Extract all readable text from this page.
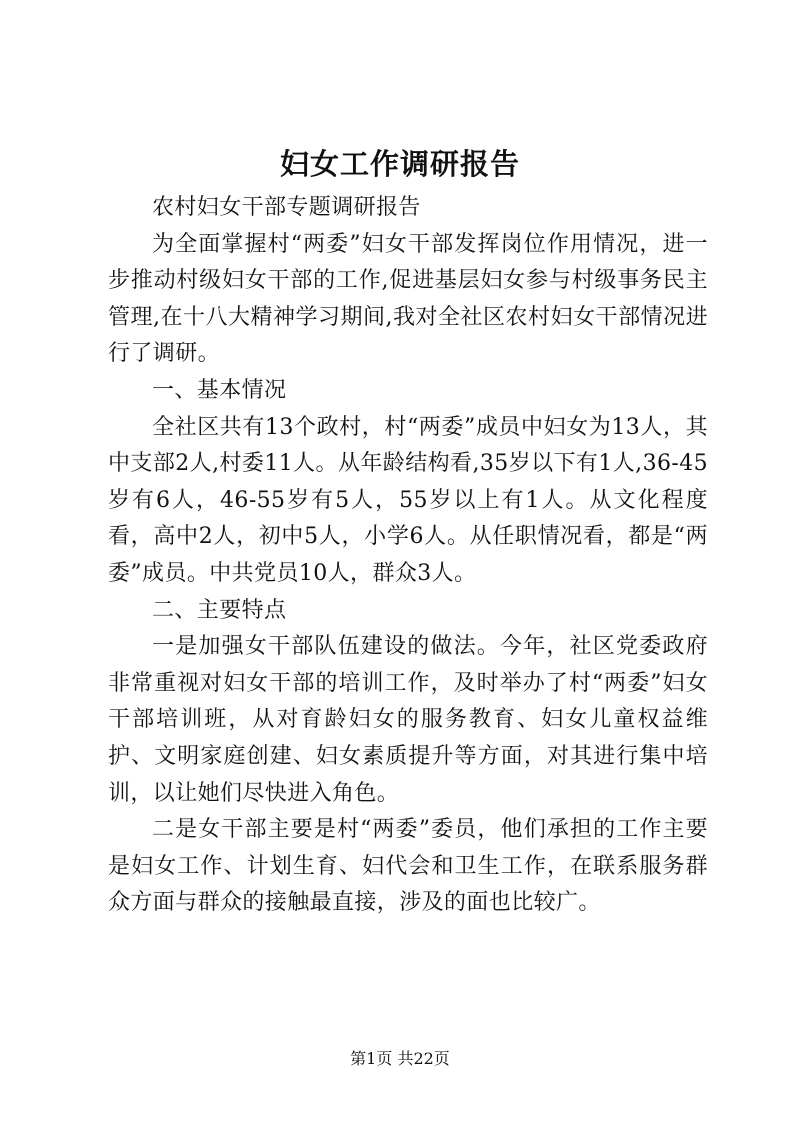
妇女工作调研报告

农村妇女干部专题调研报告

为全面掌握村“两委”妇女干部发挥岗位作用情况，进一步推动村级妇女干部的工作,促进基层妇女参与村级事务民主管理,在十八大精神学习期间,我对全社区农村妇女干部情况进行了调研。

一、基本情况

全社区共有13个政村，村“两委”成员中妇女为13人，其中支部2人,村委11人。从年龄结构看,35岁以下有1人,36-45岁有6人，46-55岁有5人，55岁以上有1人。从文化程度看，高中2人，初中5人，小学6人。从任职情况看，都是“两委”成员。中共党员10人，群众3人。

二、主要特点

一是加强女干部队伍建设的做法。今年，社区党委政府非常重视对妇女干部的培训工作，及时举办了村“两委”妇女干部培训班，从对育龄妇女的服务教育、妇女儿童权益维护、文明家庭创建、妇女素质提升等方面，对其进行集中培训，以让她们尽快进入角色。

二是女干部主要是村“两委”委员，他们承担的工作主要是妇女工作、计划生育、妇代会和卫生工作，在联系服务群众方面与群众的接触最直接，涉及的面也比较广。

第1页 共22页
